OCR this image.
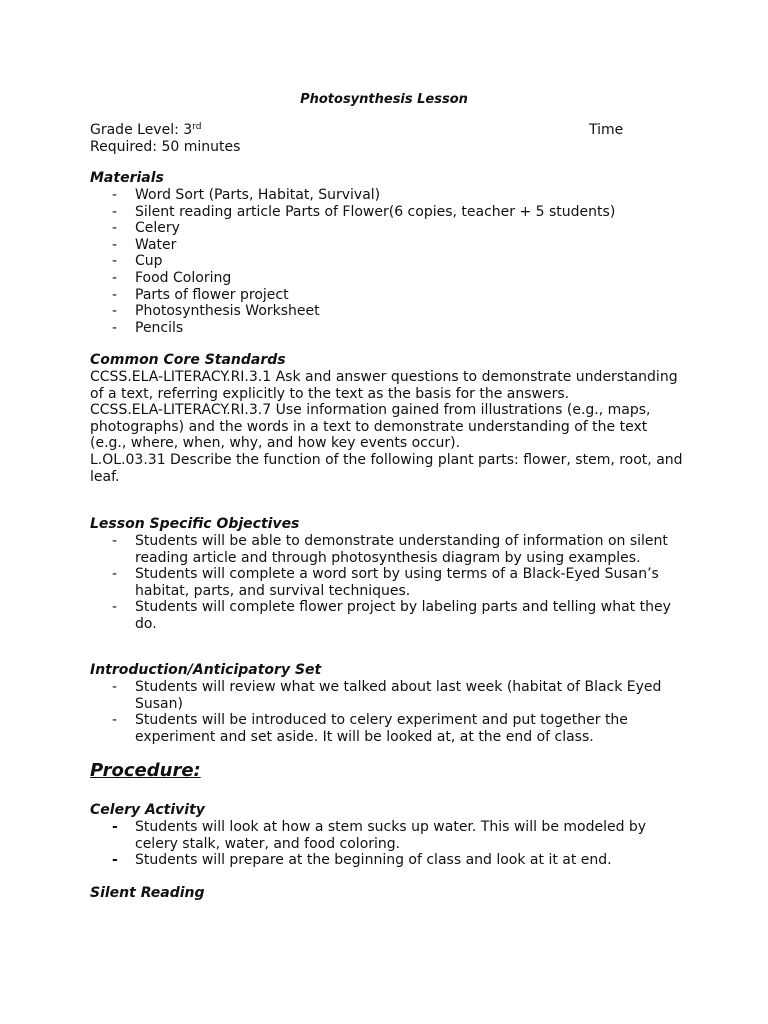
Photosynthesis Lesson
Grade Level: 3rd	Time
Required: 50 minutes
Materials
- Word Sort (Parts, Habitat, Survival)
- Silent reading article Parts of Flower(6 copies, teacher + 5 students)
- Celery
- Water
- Cup
- Food Coloring
- Parts of flower project
- Photosynthesis Worksheet
- Pencils
Common Core Standards
CCSS.ELA-LITERACY.RI.3.1 Ask and answer questions to demonstrate understanding
of a text, referring explicitly to the text as the basis for the answers.
CCSS.ELA-LITERACY.RI.3.7 Use information gained from illustrations (e.g., maps,
photographs) and the words in a text to demonstrate understanding of the text
(e.g., where, when, why, and how key events occur).
L.OL.03.31 Describe the function of the following plant parts: flower, stem, root, and
leaf.
Lesson Specific Objectives
- Students will be able to demonstrate understanding of information on silent
reading article and through photosynthesis diagram by using examples.
- Students will complete a word sort by using terms of a Black-Eyed Susan’s
habitat, parts, and survival techniques.
- Students will complete flower project by labeling parts and telling what they
do.
Introduction/Anticipatory Set
- Students will review what we talked about last week (habitat of Black Eyed
Susan)
- Students will be introduced to celery experiment and put together the
experiment and set aside. It will be looked at, at the end of class.
Procedure:
Celery Activity
- Students will look at how a stem sucks up water. This will be modeled by
celery stalk, water, and food coloring.
- Students will prepare at the beginning of class and look at it at end.
Silent Reading
